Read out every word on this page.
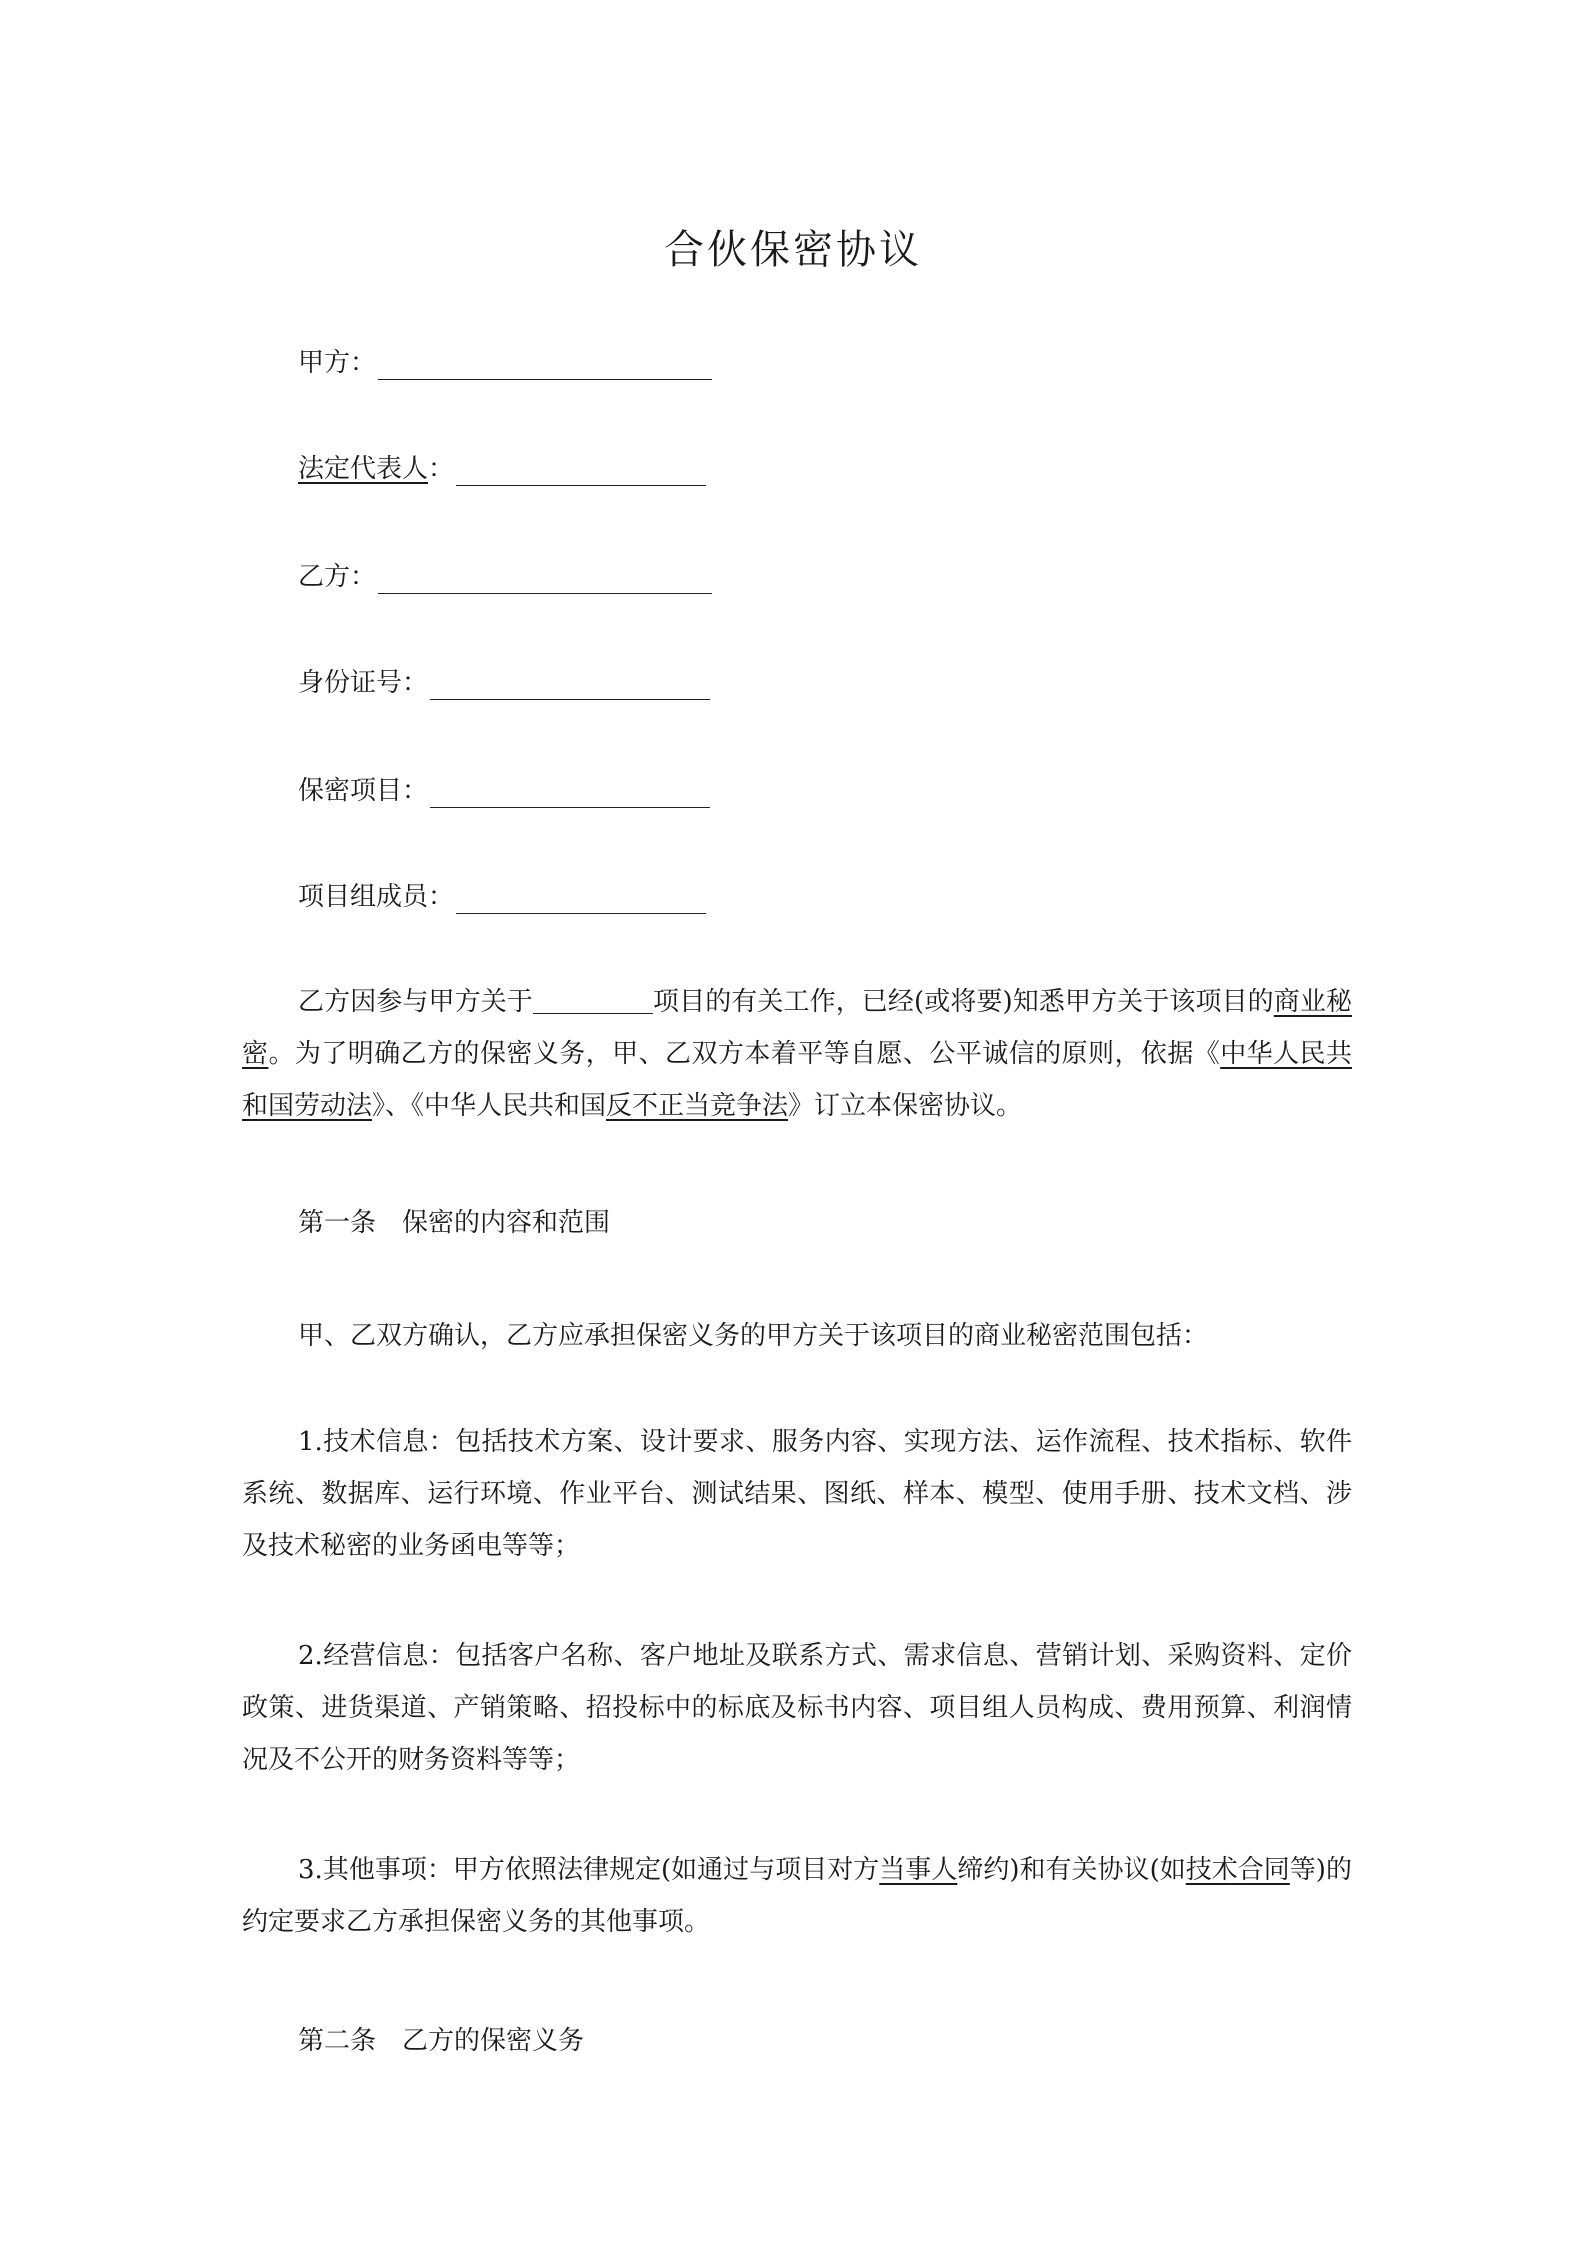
合伙保密协议
甲方：
法定代表人 ：
乙方：
身份证号：
保密项目：
项目组成员：
乙方因参与甲方关于	项目的有关工作，已经(或将要)知悉甲方关于该项目的商业秘密。为了明确乙方的保密义务，甲、乙双方本着平等自愿、公平诚信的原则，依据《中华人民共和国劳动法》、《中华人民共和国反不正当竞争法》订立本保密协议。
第一条 保密的内容和范围
甲、乙双方确认，乙方应承担保密义务的甲方关于该项目的商业秘密范围包括：
1.技术信息：包括技术方案、设计要求、服务内容、实现方法、运作流程、技术指标、软件系统、数据库、运行环境、作业平台、测试结果、图纸、样本、模型、使用手册、技术文档、涉及技术秘密的业务函电等等；
2.经营信息：包括客户名称、客户地址及联系方式、需求信息、营销计划、采购资料、定价政策、进货渠道、产销策略、招投标中的标底及标书内容、项目组人员构成、费用预算、利润情况及不公开的财务资料等等；
3.其他事项：甲方依照法律规定(如通过与项目对方当事人缔约)和有关协议(如技术合同等)的约定要求乙方承担保密义务的其他事项。
第二条 乙方的保密义务
